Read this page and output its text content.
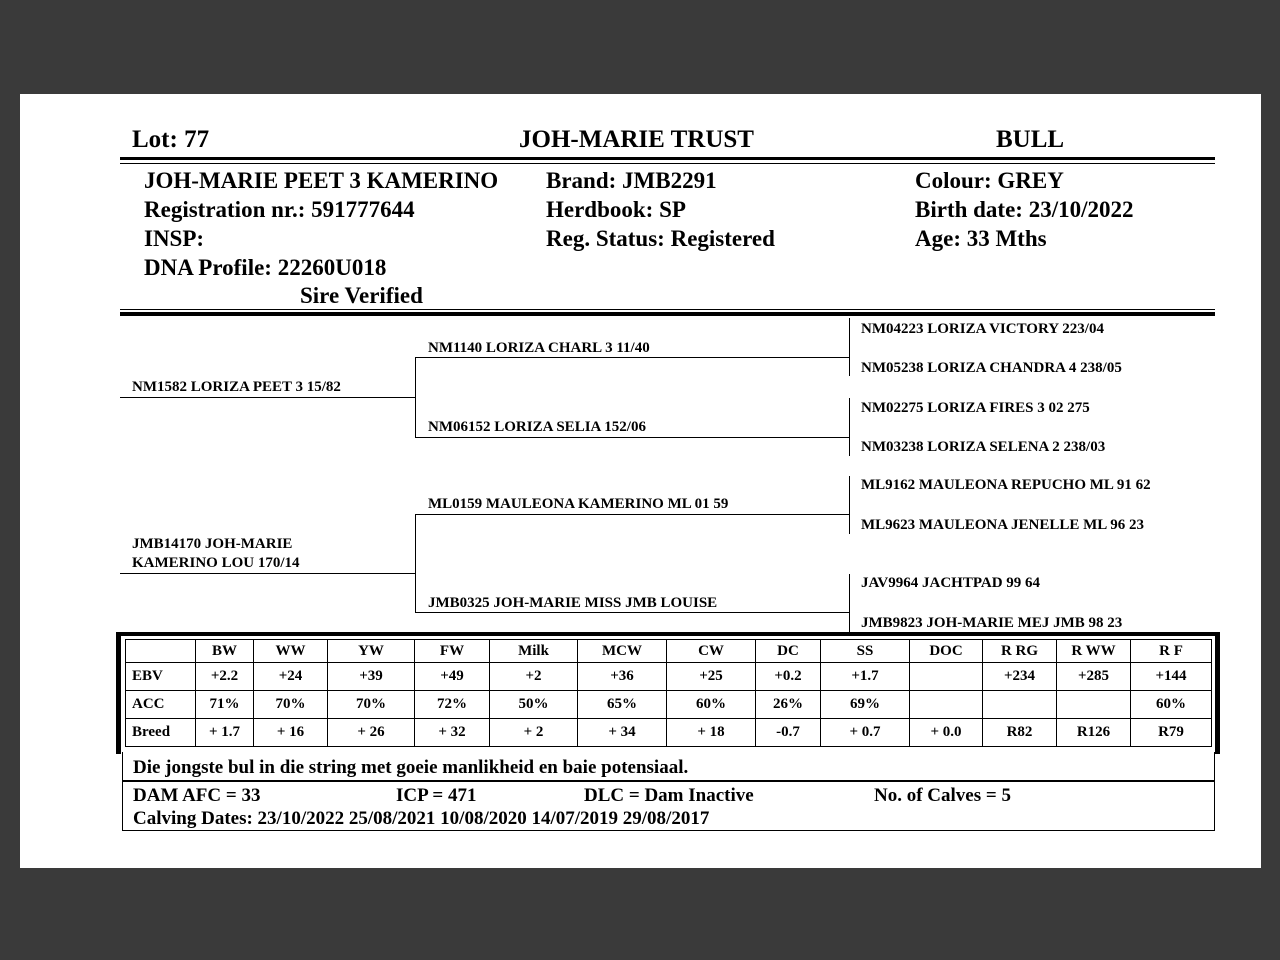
Lot: 77	JOH-MARIE TRUST	BULL
JOH-MARIE PEET 3 KAMERINO
Registration nr.: 591777644
INSP:
DNA Profile: 22260U018
Sire Verified
Brand: JMB2291
Herdbook: SP
Reg. Status: Registered
Colour: GREY
Birth date: 23/10/2022
Age: 33 Mths
NM1582 LORIZA PEET 3 15/82
JMB14170 JOH-MARIE
KAMERINO LOU 170/14
NM1140 LORIZA CHARL 3 11/40
NM06152 LORIZA SELIA 152/06
ML0159 MAULEONA KAMERINO ML 01 59
JMB0325 JOH-MARIE MISS JMB LOUISE
NM04223 LORIZA VICTORY 223/04
NM05238 LORIZA CHANDRA 4 238/05
NM02275 LORIZA FIRES 3 02 275
NM03238 LORIZA SELENA 2 238/03
ML9162 MAULEONA REPUCHO ML 91 62
ML9623 MAULEONA JENELLE ML 96 23
JAV9964 JACHTPAD 99 64
JMB9823 JOH-MARIE MEJ JMB 98 23
	BW	WW	YW	FW	Milk	MCW	CW	DC	SS	DOC	R RG	R WW	R F
EBV	+2.2	+24	+39	+49	+2	+36	+25	+0.2	+1.7		+234	+285	+144
ACC	71%	70%	70%	72%	50%	65%	60%	26%	69%				60%
Breed	+ 1.7	+ 16	+ 26	+ 32	+ 2	+ 34	+ 18	-0.7	+ 0.7	+ 0.0	R82	R126	R79
Die jongste bul in die string met goeie manlikheid en baie potensiaal.
DAM AFC = 33	ICP = 471	DLC = Dam Inactive	No. of Calves = 5
Calving Dates: 23/10/2022 25/08/2021 10/08/2020 14/07/2019 29/08/2017
